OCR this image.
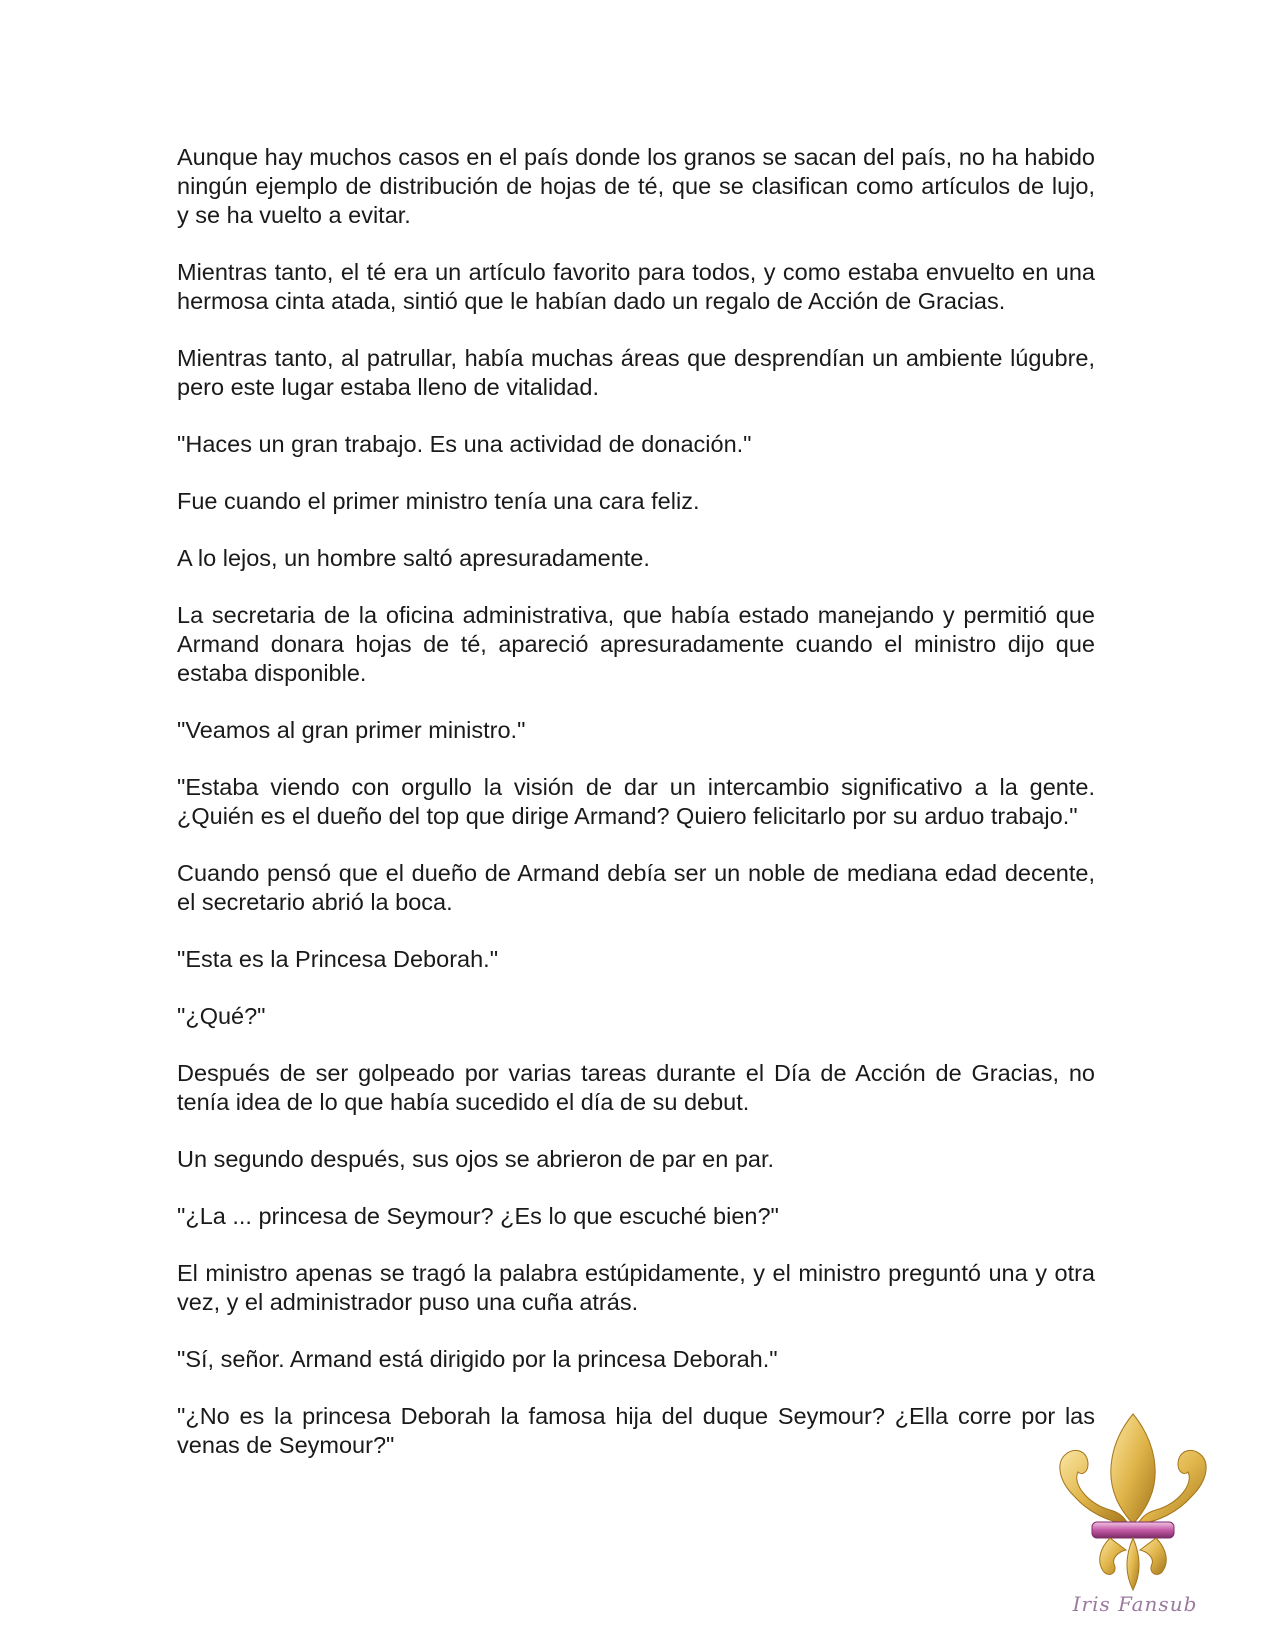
Aunque hay muchos casos en el país donde los granos se sacan del país, no ha habido ningún ejemplo de distribución de hojas de té, que se clasifican como artículos de lujo, y se ha vuelto a evitar.

Mientras tanto, el té era un artículo favorito para todos, y como estaba envuelto en una hermosa cinta atada, sintió que le habían dado un regalo de Acción de Gracias.

Mientras tanto, al patrullar, había muchas áreas que desprendían un ambiente lúgubre, pero este lugar estaba lleno de vitalidad.

"Haces un gran trabajo. Es una actividad de donación."

Fue cuando el primer ministro tenía una cara feliz.

A lo lejos, un hombre saltó apresuradamente.

La secretaria de la oficina administrativa, que había estado manejando y permitió que Armand donara hojas de té, apareció apresuradamente cuando el ministro dijo que estaba disponible.

"Veamos al gran primer ministro."

"Estaba viendo con orgullo la visión de dar un intercambio significativo a la gente. ¿Quién es el dueño del top que dirige Armand? Quiero felicitarlo por su arduo trabajo."

Cuando pensó que el dueño de Armand debía ser un noble de mediana edad decente, el secretario abrió la boca.

"Esta es la Princesa Deborah."

"¿Qué?"

Después de ser golpeado por varias tareas durante el Día de Acción de Gracias, no tenía idea de lo que había sucedido el día de su debut.

Un segundo después, sus ojos se abrieron de par en par.

"¿La ... princesa de Seymour? ¿Es lo que escuché bien?"

El ministro apenas se tragó la palabra estúpidamente, y el ministro preguntó una y otra vez, y el administrador puso una cuña atrás.

"Sí, señor. Armand está dirigido por la princesa Deborah."

"¿No es la princesa Deborah la famosa hija del duque Seymour? ¿Ella corre por las venas de Seymour?"

Iris Fansub
